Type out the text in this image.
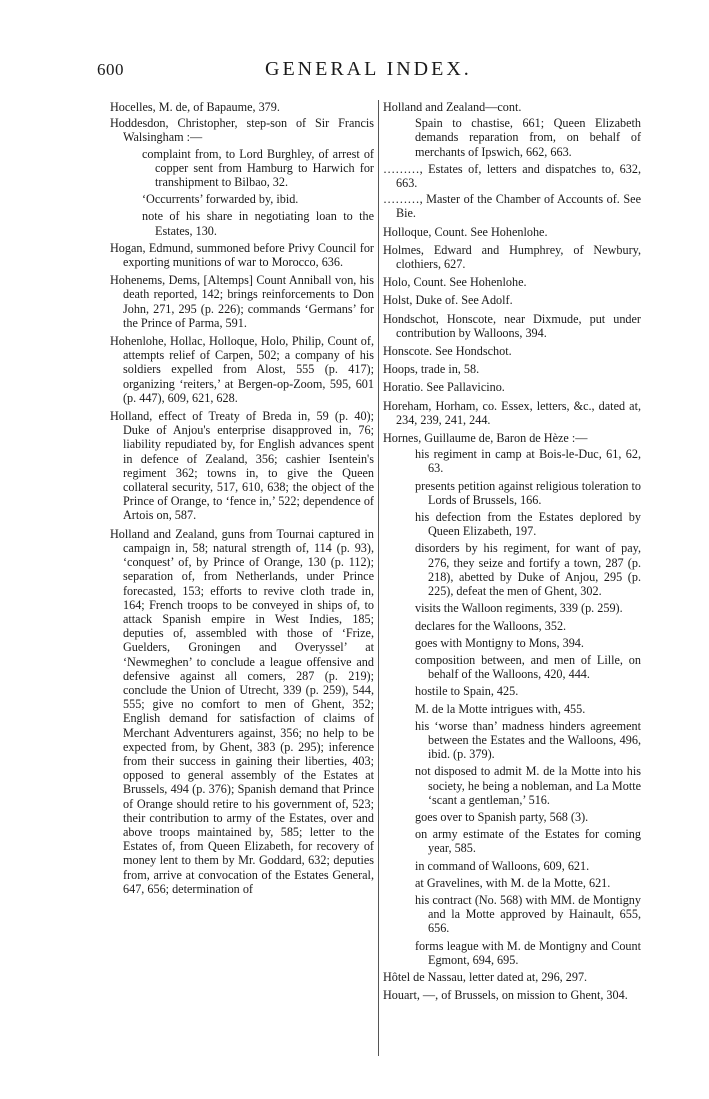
600	GENERAL INDEX.

Hocelles, M. de, of Bapaume, 379.

Hoddesdon, Christopher, step-son of Sir Francis Walsingham :—

complaint from, to Lord Burghley, of arrest of copper sent from Hamburg to Harwich for transhipment to Bilbao, 32.

‘Occurrents’ forwarded by, ibid.

note of his share in negotiating loan to the Estates, 130.

Hogan, Edmund, summoned before Privy Council for exporting munitions of war to Morocco, 636.

Hohenems, Dems, [Altemps] Count Anniball von, his death reported, 142; brings reinforcements to Don John, 271, 295 (p. 226); commands ‘Germans’ for the Prince of Parma, 591.

Hohenlohe, Hollac, Holloque, Holo, Philip, Count of, attempts relief of Carpen, 502; a company of his soldiers expelled from Alost, 555 (p. 417); organizing ‘reiters,’ at Bergen-op-Zoom, 595, 601 (p. 447), 609, 621, 628.

Holland, effect of Treaty of Breda in, 59 (p. 40); Duke of Anjou's enterprise disapproved in, 76; liability repudiated by, for English advances spent in defence of Zealand, 356; cashier Isentein's regiment 362; towns in, to give the Queen collateral security, 517, 610, 638; the object of the Prince of Orange, to ‘fence in,’ 522; dependence of Artois on, 587.

Holland and Zealand, guns from Tournai captured in campaign in, 58; natural strength of, 114 (p. 93), ‘conquest’ of, by Prince of Orange, 130 (p. 112); separation of, from Netherlands, under Prince forecasted, 153; efforts to revive cloth trade in, 164; French troops to be conveyed in ships of, to attack Spanish empire in West Indies, 185; deputies of, assembled with those of ‘Frize, Guelders, Groningen and Overyssel’ at ‘Newmeghen’ to conclude a league offensive and defensive against all comers, 287 (p. 219); conclude the Union of Utrecht, 339 (p. 259), 544, 555; give no comfort to men of Ghent, 352; English demand for satisfaction of claims of Merchant Adventurers against, 356; no help to be expected from, by Ghent, 383 (p. 295); inference from their success in gaining their liberties, 403; opposed to general assembly of the Estates at Brussels, 494 (p. 376); Spanish demand that Prince of Orange should retire to his government of, 523; their contribution to army of the Estates, over and above troops maintained by, 585; letter to the Estates of, from Queen Elizabeth, for recovery of money lent to them by Mr. Goddard, 632; deputies from, arrive at convocation of the Estates General, 647, 656; determination of

Holland and Zealand—cont.

Spain to chastise, 661; Queen Elizabeth demands reparation from, on behalf of merchants of Ipswich, 662, 663.

………, Estates of, letters and dispatches to, 632, 663.

………, Master of the Chamber of Accounts of. See Bie.

Holloque, Count. See Hohenlohe.

Holmes, Edward and Humphrey, of Newbury, clothiers, 627.

Holo, Count. See Hohenlohe.

Holst, Duke of. See Adolf.

Hondschot, Honscote, near Dixmude, put under contribution by Walloons, 394.

Honscote. See Hondschot.

Hoops, trade in, 58.

Horatio. See Pallavicino.

Horeham, Horham, co. Essex, letters, &c., dated at, 234, 239, 241, 244.

Hornes, Guillaume de, Baron de Hèze :—

his regiment in camp at Bois-le-Duc, 61, 62, 63.

presents petition against religious toleration to Lords of Brussels, 166.

his defection from the Estates deplored by Queen Elizabeth, 197.

disorders by his regiment, for want of pay, 276, they seize and fortify a town, 287 (p. 218), abetted by Duke of Anjou, 295 (p. 225), defeat the men of Ghent, 302.

visits the Walloon regiments, 339 (p. 259).

declares for the Walloons, 352.

goes with Montigny to Mons, 394.

composition between, and men of Lille, on behalf of the Walloons, 420, 444.

hostile to Spain, 425.

M. de la Motte intrigues with, 455.

his ‘worse than’ madness hinders agreement between the Estates and the Walloons, 496, ibid. (p. 379).

not disposed to admit M. de la Motte into his society, he being a nobleman, and La Motte ‘scant a gentleman,’ 516.

goes over to Spanish party, 568 (3).

on army estimate of the Estates for coming year, 585.

in command of Walloons, 609, 621.

at Gravelines, with M. de la Motte, 621.

his contract (No. 568) with MM. de Montigny and la Motte approved by Hainault, 655, 656.

forms league with M. de Montigny and Count Egmont, 694, 695.

Hôtel de Nassau, letter dated at, 296, 297.

Houart, —, of Brussels, on mission to Ghent, 304.
